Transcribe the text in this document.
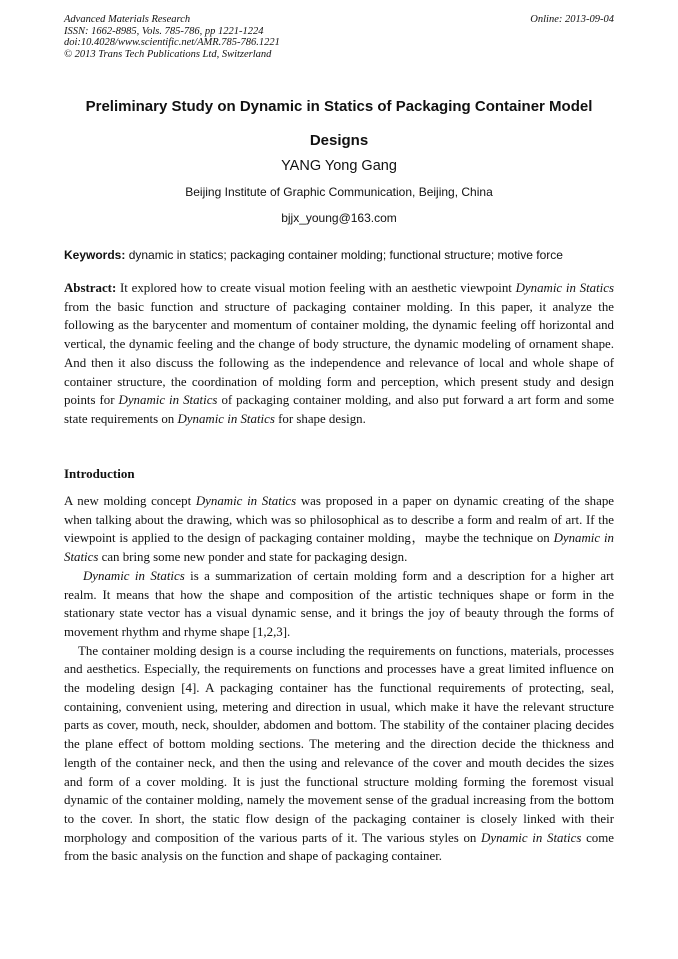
Advanced Materials Research
ISSN: 1662-8985, Vols. 785-786, pp 1221-1224
doi:10.4028/www.scientific.net/AMR.785-786.1221
© 2013 Trans Tech Publications Ltd, Switzerland
Online: 2013-09-04
Preliminary Study on Dynamic in Statics of Packaging Container Model Designs
YANG Yong Gang
Beijing Institute of Graphic Communication, Beijing, China
bjjx_young@163.com
Keywords: dynamic in statics; packaging container molding; functional structure; motive force
Abstract: It explored how to create visual motion feeling with an aesthetic viewpoint Dynamic in Statics from the basic function and structure of packaging container molding. In this paper, it analyze the following as the barycenter and momentum of container molding, the dynamic feeling off horizontal and vertical, the dynamic feeling and the change of body structure, the dynamic modeling of ornament shape. And then it also discuss the following as the independence and relevance of local and whole shape of container structure, the coordination of molding form and perception, which present study and design points for Dynamic in Statics of packaging container molding, and also put forward a art form and some state requirements on Dynamic in Statics for shape design.
Introduction

A new molding concept Dynamic in Statics was proposed in a paper on dynamic creating of the shape when talking about the drawing, which was so philosophical as to describe a form and realm of art. If the viewpoint is applied to the design of packaging container molding，maybe the technique on Dynamic in Statics can bring some new ponder and state for packaging design.

Dynamic in Statics is a summarization of certain molding form and a description for a higher art realm. It means that how the shape and composition of the artistic techniques shape or form in the stationary state vector has a visual dynamic sense, and it brings the joy of beauty through the forms of movement rhythm and rhyme shape [1,2,3].

The container molding design is a course including the requirements on functions, materials, processes and aesthetics. Especially, the requirements on functions and processes have a great limited influence on the modeling design [4]. A packaging container has the functional requirements of protecting, seal, containing, convenient using, metering and direction in usual, which make it have the relevant structure parts as cover, mouth, neck, shoulder, abdomen and bottom. The stability of the container placing decides the plane effect of bottom molding sections. The metering and the direction decide the thickness and length of the container neck, and then the using and relevance of the cover and mouth decides the sizes and form of a cover molding. It is just the functional structure molding forming the foremost visual dynamic of the container molding, namely the movement sense of the gradual increasing from the bottom to the cover. In short, the static flow design of the packaging container is closely linked with their morphology and composition of the various parts of it. The various styles on Dynamic in Statics come from the basic analysis on the function and shape of packaging container.
